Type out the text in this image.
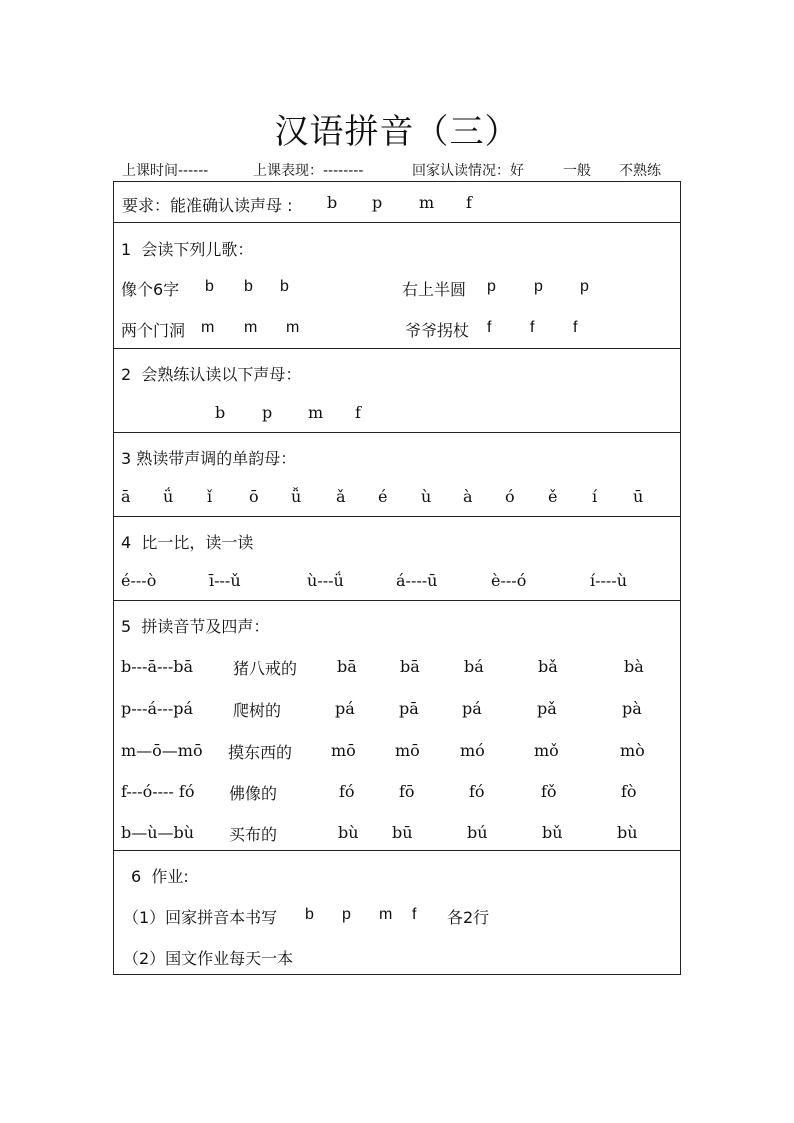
汉语拼音（三）
上课时间------	上课表现：--------	回家认读情况：好	一般 不熟练
要求：能准确认读声母 : b p m f
1  会读下列儿歌：
像个6字 b b b	右上半圆 p p p
两个门洞 m m m	爷爷拐杖 f f f
2  会熟练认读以下声母：
b p m f
3 熟读带声调的单韵母：
ā ǘ ǐ ō ǚ ǎ é ù à ó ě í ū
4  比一比，读一读
é---ò	ī---ǔ	ù---ǘ	á----ū	è---ó	í----ù
5  拼读音节及四声：
b---ā---bā	猪八戒的 bā	bā	bá	bǎ	bà
p---á---pá	爬树的	pá	pā	pá	pǎ	pà
m—ō—mō 摸东西的 mō mō	mó	mǒ	mò
f---ó---- fó 佛像的	fó	fō	fó	fǒ	fò
b—ù—bù 买布的	bù bū	bú	bǔ	bù
6  作业:
（1）回家拼音本书写 b p m f 各2行
（2）国文作业每天一本
